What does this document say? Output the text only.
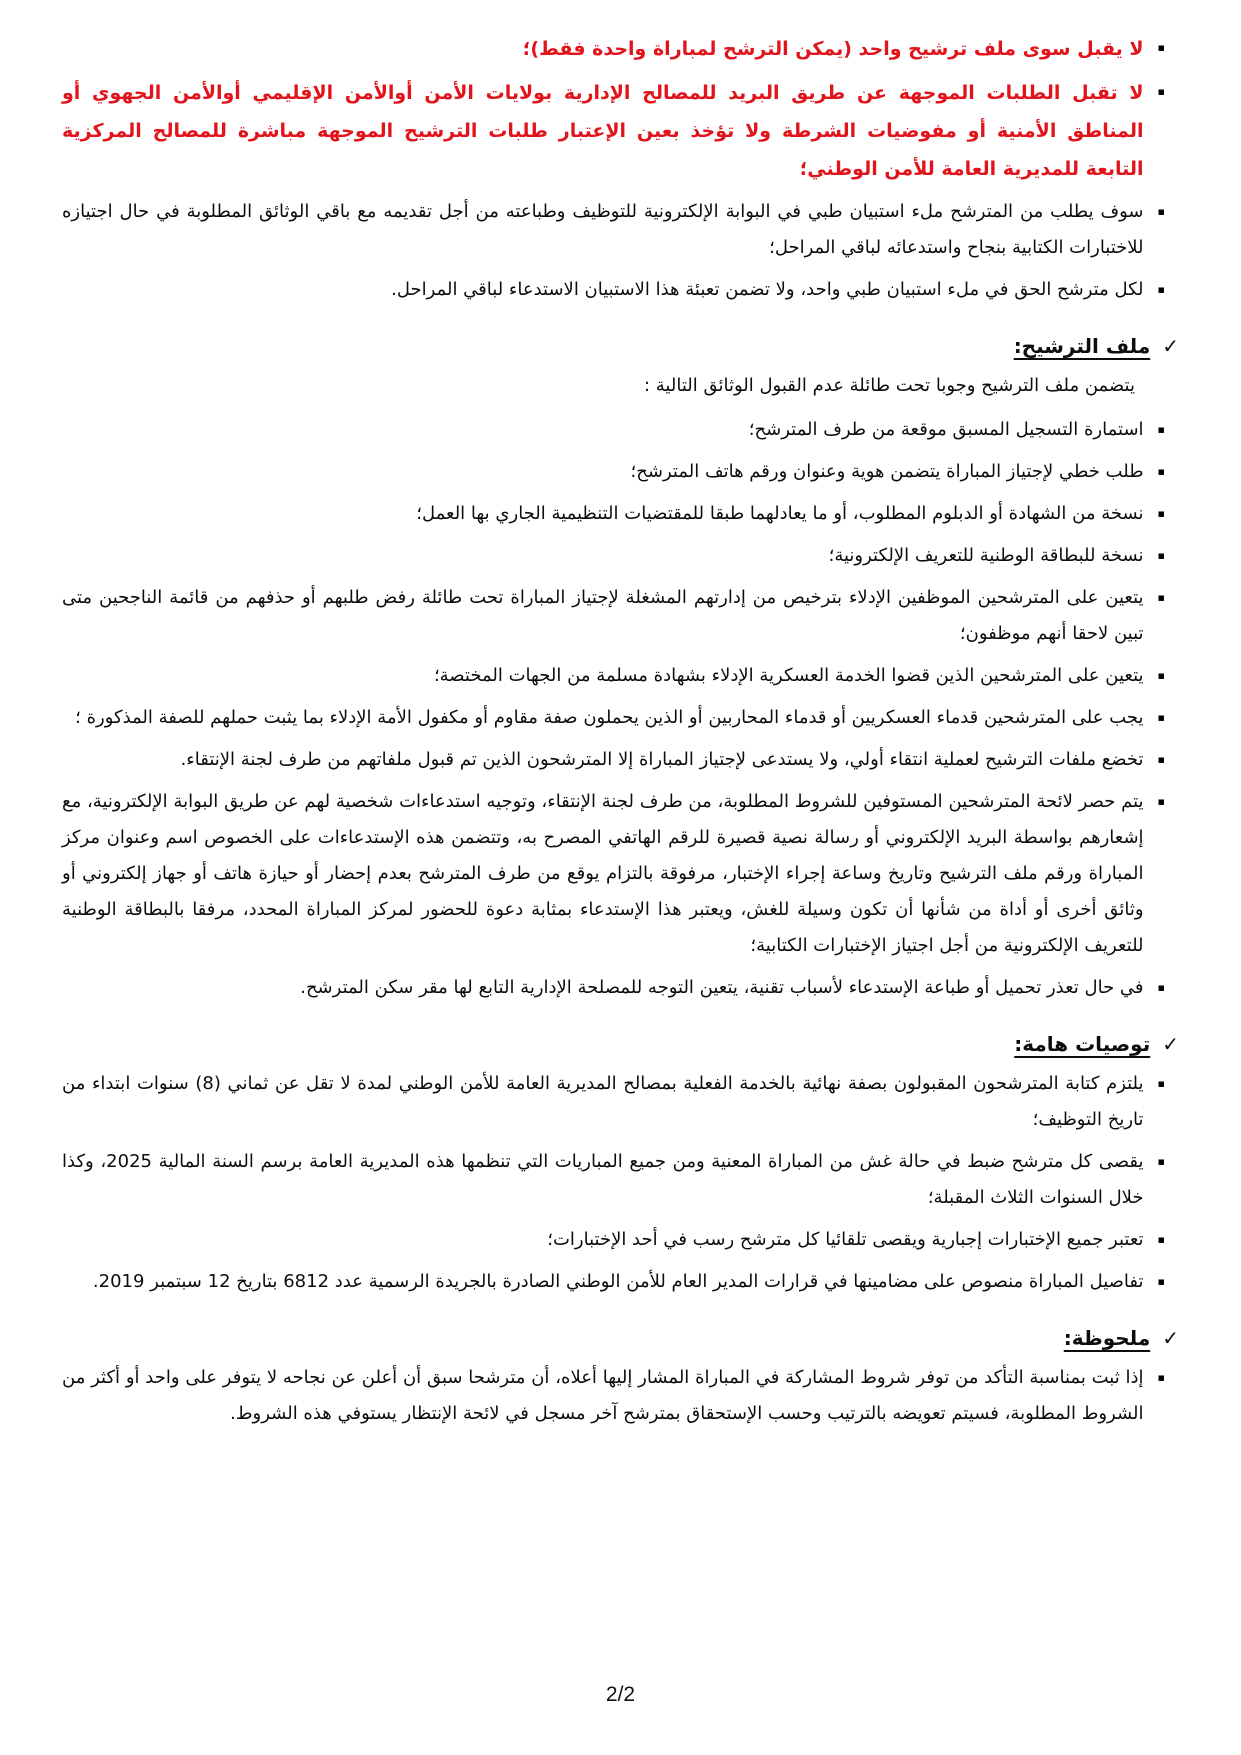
▪
لا يقبل سوى ملف ترشيح واحد (يمكن الترشح لمباراة واحدة فقط)؛
▪
لا تقبل الطلبات الموجهة عن طريق البريد للمصالح الإدارية بولايات الأمن أوالأمن الإقليمي أوالأمن الجهوي أو المناطق الأمنية أو مفوضيات الشرطة ولا تؤخذ بعين الإعتبار طلبات الترشيح الموجهة مباشرة للمصالح المركزية التابعة للمديرية العامة للأمن الوطني؛
▪
سوف يطلب من المترشح ملء استبيان طبي في البوابة الإلكترونية للتوظيف وطباعته من أجل تقديمه مع باقي الوثائق المطلوبة في حال اجتيازه للاختبارات الكتابية بنجاح واستدعائه لباقي المراحل؛
▪
لكل مترشح الحق في ملء استبيان طبي واحد، ولا تضمن تعبئة هذا الاستبيان الاستدعاء لباقي المراحل.
✓
ملف الترشيح:

يتضمن ملف الترشيح وجوبا تحت طائلة عدم القبول الوثائق التالية :

▪
استمارة التسجيل المسبق موقعة من طرف المترشح؛
▪
طلب خطي لإجتياز المباراة يتضمن هوية وعنوان ورقم هاتف المترشح؛
▪
نسخة من الشهادة أو الدبلوم المطلوب، أو ما يعادلهما طبقا للمقتضيات التنظيمية الجاري بها العمل؛
▪
نسخة للبطاقة الوطنية للتعريف الإلكترونية؛
▪
يتعين على المترشحين الموظفين الإدلاء بترخيص من إدارتهم المشغلة لإجتياز المباراة تحت طائلة رفض طلبهم أو حذفهم من قائمة الناجحين متى تبين لاحقا أنهم موظفون؛
▪
يتعين على المترشحين الذين قضوا الخدمة العسكرية الإدلاء بشهادة مسلمة من الجهات المختصة؛
▪
يجب على المترشحين قدماء العسكريين أو قدماء المحاربين أو الذين يحملون صفة مقاوم أو مكفول الأمة الإدلاء بما يثبت حملهم للصفة المذكورة ؛
▪
تخضع ملفات الترشيح لعملية انتقاء أولي، ولا يستدعى لإجتياز المباراة إلا المترشحون الذين تم قبول ملفاتهم من طرف لجنة الإنتقاء.
▪
يتم حصر لائحة المترشحين المستوفين للشروط المطلوبة، من طرف لجنة الإنتقاء، وتوجيه استدعاءات شخصية لهم عن طريق البوابة الإلكترونية، مع إشعارهم بواسطة البريد الإلكتروني أو رسالة نصية قصيرة للرقم الهاتفي المصرح به، وتتضمن هذه الإستدعاءات على الخصوص اسم وعنوان مركز المباراة ورقم ملف الترشيح وتاريخ وساعة إجراء الإختبار، مرفوقة بالتزام يوقع من طرف المترشح بعدم إحضار أو حيازة هاتف أو جهاز إلكتروني أو وثائق أخرى أو أداة من شأنها أن تكون وسيلة للغش، ويعتبر هذا الإستدعاء بمثابة دعوة للحضور لمركز المباراة المحدد، مرفقا بالبطاقة الوطنية للتعريف الإلكترونية من أجل اجتياز الإختبارات الكتابية؛
▪
في حال تعذر تحميل أو طباعة الإستدعاء لأسباب تقنية، يتعين التوجه للمصلحة الإدارية التابع لها مقر سكن المترشح.
✓
توصيات هامة:
▪
يلتزم كتابة المترشحون المقبولون بصفة نهائية بالخدمة الفعلية بمصالح المديرية العامة للأمن الوطني لمدة لا تقل عن ثماني (8) سنوات ابتداء من تاريخ التوظيف؛
▪
يقصى كل مترشح ضبط في حالة غش من المباراة المعنية ومن جميع المباريات التي تنظمها هذه المديرية العامة برسم السنة المالية 2025، وكذا خلال السنوات الثلاث المقبلة؛
▪
تعتبر جميع الإختبارات إجبارية ويقصى تلقائيا كل مترشح رسب في أحد الإختبارات؛
▪
تفاصيل المباراة منصوص على مضامينها في قرارات المدير العام للأمن الوطني الصادرة بالجريدة الرسمية عدد 6812 بتاريخ 12 سبتمبر 2019.
✓
ملحوظة:
▪
إذا ثبت بمناسبة التأكد من توفر شروط المشاركة في المباراة المشار إليها أعلاه، أن مترشحا سبق أن أعلن عن نجاحه لا يتوفر على واحد أو أكثر من الشروط المطلوبة، فسيتم تعويضه بالترتيب وحسب الإستحقاق بمترشح آخر مسجل في لائحة الإنتظار يستوفي هذه الشروط.
2/2
